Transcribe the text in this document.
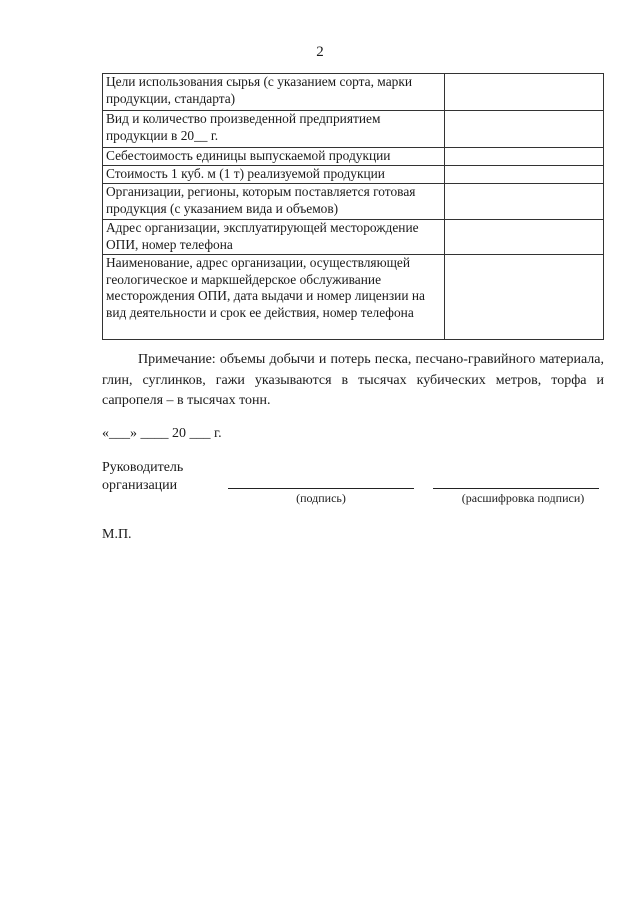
2
Цели использования сырья (с указанием сорта, марки продукции, стандарта)	
Вид и количество произведенной предприятием продукции в 20__ г.	
Себестоимость единицы выпускаемой продукции	
Стоимость 1 куб. м (1 т) реализуемой продукции	
Организации, регионы, которым поставляется готовая продукция (с указанием вида и объемов)	
Адрес организации, эксплуатирующей месторождение ОПИ, номер телефона	
Наименование, адрес организации, осуществляющей геологическое и маркшейдерское обслуживание месторождения ОПИ, дата выдачи и номер лицензии на вид деятельности и срок ее действия, номер телефона	
Примечание: объемы добычи и потерь песка, песчано-гравийного материала, глин, суглинков, гажи указываются в тысячах кубических метров, торфа и сапропеля – в тысячах тонн.
«___» ____ 20 ___ г.
Руководитель
организации
(подпись)	(расшифровка подписи)
М.П.
